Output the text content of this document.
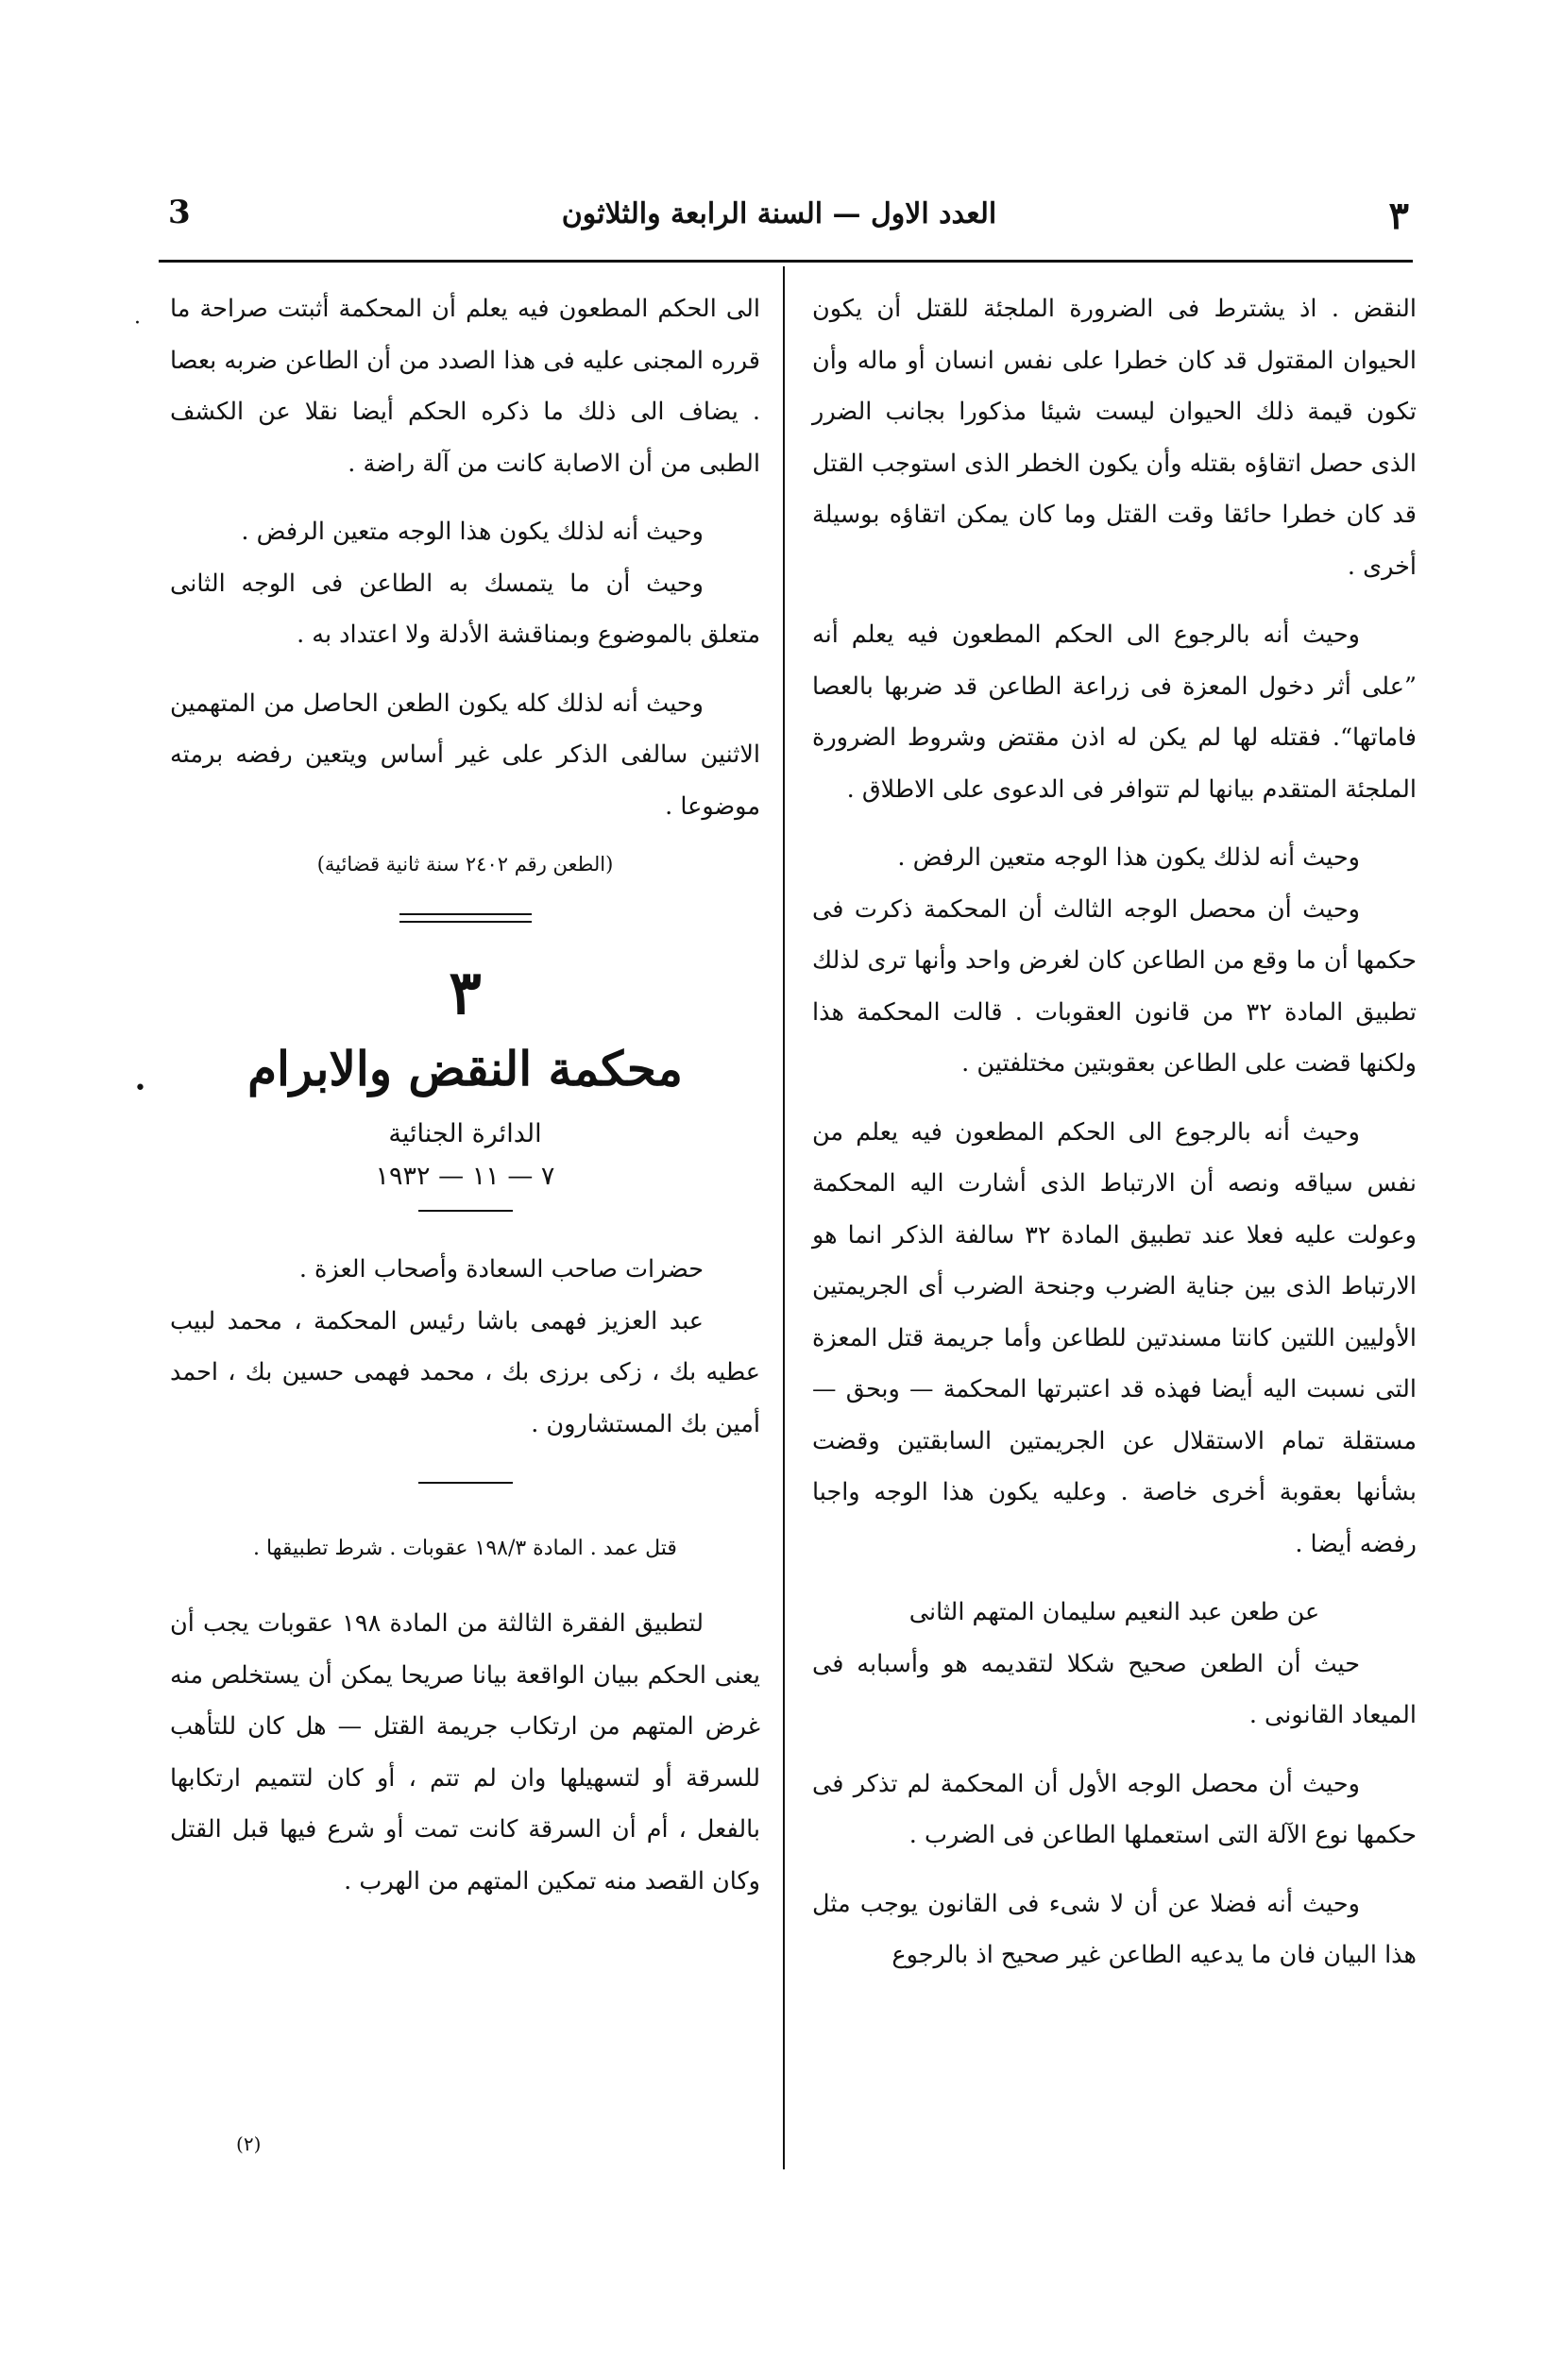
3	العدد الاول — السنة الرابعة والثلاثون	٣

النقض . اذ يشترط فى الضرورة الملجئة للقتل أن يكون الحيوان المقتول قد كان خطرا على نفس انسان أو ماله وأن تكون قيمة ذلك الحيوان ليست شيئا مذكورا بجانب الضرر الذى حصل اتقاؤه بقتله وأن يكون الخطر الذى استوجب القتل قد كان خطرا حائقا وقت القتل وما كان يمكن اتقاؤه بوسيلة أخرى .

وحيث أنه بالرجوع الى الحكم المطعون فيه يعلم أنه ”على أثر دخول المعزة فى زراعة الطاعن قد ضربها بالعصا فاماتها“. فقتله لها لم يكن له اذن مقتض وشروط الضرورة الملجئة المتقدم بيانها لم تتوافر فى الدعوى على الاطلاق .

وحيث أنه لذلك يكون هذا الوجه متعين الرفض .

وحيث أن محصل الوجه الثالث أن المحكمة ذكرت فى حكمها أن ما وقع من الطاعن كان لغرض واحد وأنها ترى لذلك تطبيق المادة ٣٢ من قانون العقوبات . قالت المحكمة هذا ولكنها قضت على الطاعن بعقوبتين مختلفتين .

وحيث أنه بالرجوع الى الحكم المطعون فيه يعلم من نفس سياقه ونصه أن الارتباط الذى أشارت اليه المحكمة وعولت عليه فعلا عند تطبيق المادة ٣٢ سالفة الذكر انما هو الارتباط الذى بين جناية الضرب وجنحة الضرب أى الجريمتين الأوليين اللتين كانتا مسندتين للطاعن وأما جريمة قتل المعزة التى نسبت اليه أيضا فهذه قد اعتبرتها المحكمة — وبحق — مستقلة تمام الاستقلال عن الجريمتين السابقتين وقضت بشأنها بعقوبة أخرى خاصة . وعليه يكون هذا الوجه واجبا رفضه أيضا .

عن طعن عبد النعيم سليمان المتهم الثانى

حيث أن الطعن صحيح شكلا لتقديمه هو وأسبابه فى الميعاد القانونى .

وحيث أن محصل الوجه الأول أن المحكمة لم تذكر فى حكمها نوع الآلة التى استعملها الطاعن فى الضرب .

وحيث أنه فضلا عن أن لا شىء فى القانون يوجب مثل هذا البيان فان ما يدعيه الطاعن غير صحيح اذ بالرجوع

الى الحكم المطعون فيه يعلم أن المحكمة أثبتت صراحة ما قرره المجنى عليه فى هذا الصدد من أن الطاعن ضربه بعصا . يضاف الى ذلك ما ذكره الحكم أيضا نقلا عن الكشف الطبى من أن الاصابة كانت من آلة راضة .

وحيث أنه لذلك يكون هذا الوجه متعين الرفض .

وحيث أن ما يتمسك به الطاعن فى الوجه الثانى متعلق بالموضوع وبمناقشة الأدلة ولا اعتداد به .

وحيث أنه لذلك كله يكون الطعن الحاصل من المتهمين الاثنين سالفى الذكر على غير أساس ويتعين رفضه برمته موضوعا .

(الطعن رقم ٢٤٠٢ سنة ثانية قضائية)

٣

محكمة النقض والابرام

الدائرة الجنائية

٧ — ١١ — ١٩٣٢

حضرات صاحب السعادة وأصحاب العزة .

عبد العزيز فهمى باشا رئيس المحكمة ، محمد لبيب عطيه بك ، زكى برزى بك ، محمد فهمى حسين بك ، احمد أمين بك المستشارون .

قتل عمد . المادة ١٩٨/٣ عقوبات . شرط تطبيقها .

لتطبيق الفقرة الثالثة من المادة ١٩٨ عقوبات يجب أن يعنى الحكم ببيان الواقعة بيانا صريحا يمكن أن يستخلص منه غرض المتهم من ارتكاب جريمة القتل — هل كان للتأهب للسرقة أو لتسهيلها وان لم تتم ، أو كان لتتميم ارتكابها بالفعل ، أم أن السرقة كانت تمت أو شرع فيها قبل القتل وكان القصد منه تمكين المتهم من الهرب .

(٢)
·
•
